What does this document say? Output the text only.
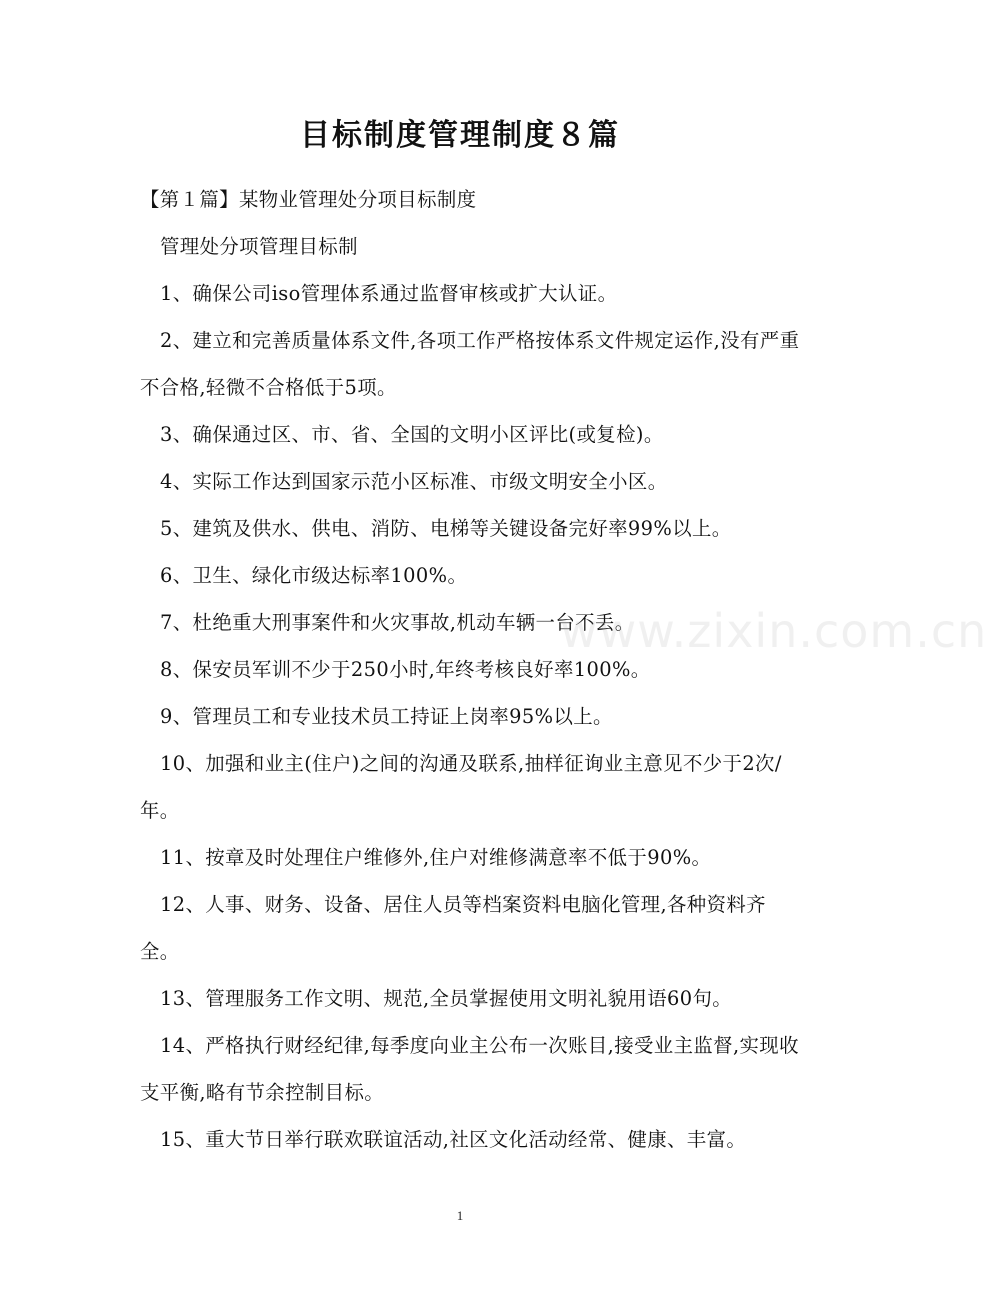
目标制度管理制度８篇

【第１篇】某物业管理处分项目标制度

管理处分项管理目标制

1、确保公司iso管理体系通过监督审核或扩大认证。

2、建立和完善质量体系文件,各项工作严格按体系文件规定运作,没有严重不合格,轻微不合格低于5项。

3、确保通过区、市、省、全国的文明小区评比(或复检)。

4、实际工作达到国家示范小区标准、市级文明安全小区。

5、建筑及供水、供电、消防、电梯等关键设备完好率99%以上。

6、卫生、绿化市级达标率100%。

7、杜绝重大刑事案件和火灾事故,机动车辆一台不丢。

8、保安员军训不少于250小时,年终考核良好率100%。

9、管理员工和专业技术员工持证上岗率95%以上。

10、加强和业主(住户)之间的沟通及联系,抽样征询业主意见不少于2次/年。

11、按章及时处理住户维修外,住户对维修满意率不低于90%。

12、人事、财务、设备、居住人员等档案资料电脑化管理,各种资料齐全。

13、管理服务工作文明、规范,全员掌握使用文明礼貌用语60句。

14、严格执行财经纪律,每季度向业主公布一次账目,接受业主监督,实现收支平衡,略有节余控制目标。

15、重大节日举行联欢联谊活动,社区文化活动经常、健康、丰富。

www.zixin.com.cn
1
